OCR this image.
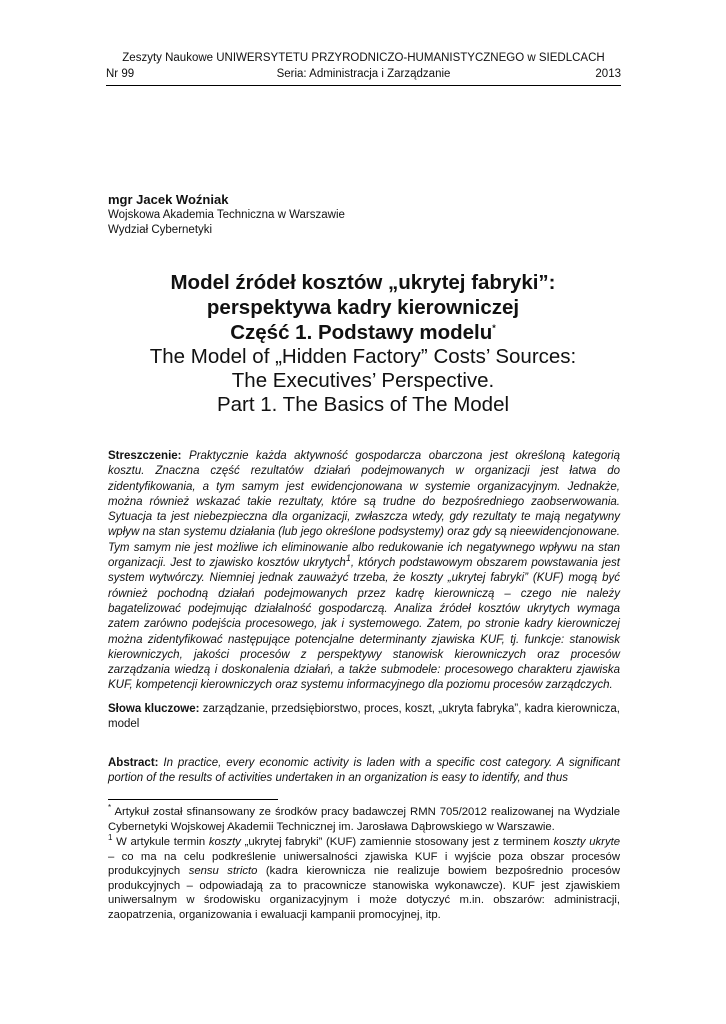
Zeszyty Naukowe UNIWERSYTETU PRZYRODNICZO-HUMANISTYCZNEGO w SIEDLCACH
Seria: Administracja i Zarządzanie
Nr 99	2013
mgr Jacek Woźniak
Wojskowa Akademia Techniczna w Warszawie
Wydział Cybernetyki
Model źródeł kosztów „ukrytej fabryki”:
perspektywa kadry kierowniczej
Część 1. Podstawy modelu*
The Model of „Hidden Factory” Costs’ Sources:
The Executives’ Perspective.
Part 1. The Basics of The Model
Streszczenie: Praktycznie każda aktywność gospodarcza obarczona jest określoną kategorią kosztu. Znaczna część rezultatów działań podejmowanych w organizacji jest łatwa do zidentyfikowania, a tym samym jest ewidencjonowana w systemie organizacyjnym. Jednakże, można również wskazać takie rezultaty, które są trudne do bezpośredniego zaobserwowania. Sytuacja ta jest niebezpieczna dla organizacji, zwłaszcza wtedy, gdy rezultaty te mają negatywny wpływ na stan systemu działania (lub jego określone podsystemy) oraz gdy są nieewidencjonowane. Tym samym nie jest możliwe ich eliminowanie albo redukowanie ich negatywnego wpływu na stan organizacji. Jest to zjawisko kosztów ukrytych$^1$, których podstawowym obszarem powstawania jest system wytwórczy. Niemniej jednak zauważyć trzeba, że koszty „ukrytej fabryki” (KUF) mogą być również pochodną działań podejmowanych przez kadrę kierowniczą – czego nie należy bagatelizować podejmując działalność gospodarczą. Analiza źródeł kosztów ukrytych wymaga zatem zarówno podejścia procesowego, jak i systemowego. Zatem, po stronie kadry kierowniczej można zidentyfikować następujące potencjalne determinanty zjawiska KUF, tj. funkcje: stanowisk kierowniczych, jakości procesów z perspektywy stanowisk kierowniczych oraz procesów zarządzania wiedzą i doskonalenia działań, a także submodele: procesowego charakteru zjawiska KUF, kompetencji kierowniczych oraz systemu informacyjnego dla poziomu procesów zarządczych.
Słowa kluczowe: zarządzanie, przedsiębiorstwo, proces, koszt, „ukryta fabryka”, kadra kierownicza, model
Abstract: In practice, every economic activity is laden with a specific cost category. A significant portion of the results of activities undertaken in an organization is easy to identify, and thus
* Artykuł został sfinansowany ze środków pracy badawczej RMN 705/2012 realizowanej na Wydziale Cybernetyki Wojskowej Akademii Technicznej im. Jarosława Dąbrowskiego w Warszawie.
$^1$ W artykule termin koszty „ukrytej fabryki” (KUF) zamiennie stosowany jest z terminem koszty ukryte – co ma na celu podkreślenie uniwersalności zjawiska KUF i wyjście poza obszar procesów produkcyjnych sensu stricto (kadra kierownicza nie realizuje bowiem bezpośrednio procesów produkcyjnych – odpowiadają za to pracownicze stanowiska wykonawcze). KUF jest zjawiskiem uniwersalnym w środowisku organizacyjnym i może dotyczyć m.in. obszarów: administracji, zaopatrzenia, organizowania i ewaluacji kampanii promocyjnej, itp.
